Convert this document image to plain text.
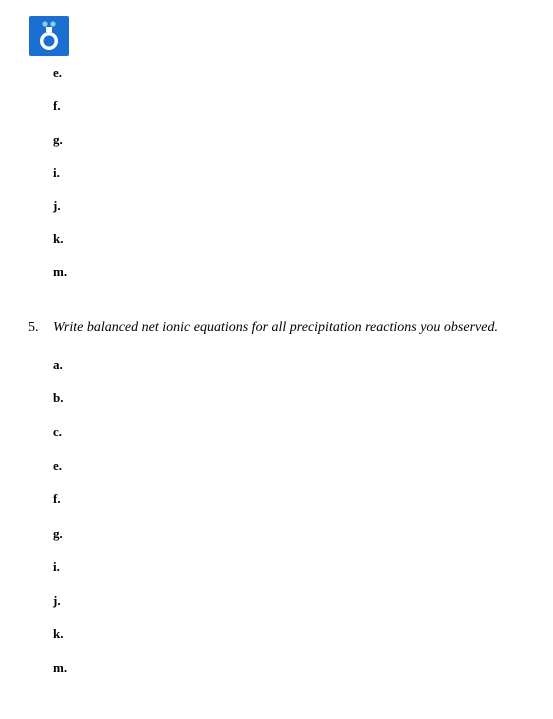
e.
f.
g.
i.
j.
k.
m.
5. Write balanced net ionic equations for all precipitation reactions you observed.
a.
b.
c.
e.
f.
g.
i.
j.
k.
m.
